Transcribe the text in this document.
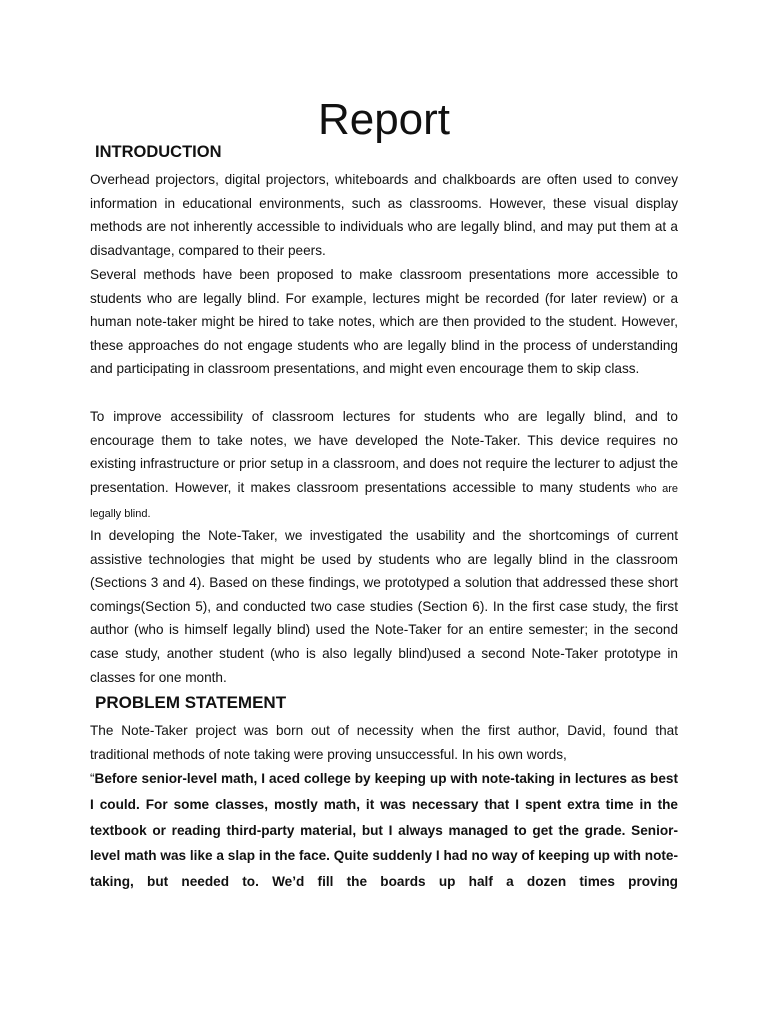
Report
INTRODUCTION

Overhead projectors, digital projectors, whiteboards and chalkboards are often used to convey information in educational environments, such as classrooms. However, these visual display methods are not inherently accessible to individuals who are legally blind, and may put them at a disadvantage, compared to their peers.

Several methods have been proposed to make classroom presentations more accessible to students who are legally blind. For example, lectures might be recorded (for later review) or a human note-taker might be hired to take notes, which are then provided to the student. However, these approaches do not engage students who are legally blind in the process of understanding and participating in classroom presentations, and might even encourage them to skip class.

To improve accessibility of classroom lectures for students who are legally blind, and to encourage them to take notes, we have developed the Note-Taker. This device requires no existing infrastructure or prior setup in a classroom, and does not require the lecturer to adjust the presentation. However, it makes classroom presentations accessible to many students who are legally blind.

In developing the Note-Taker, we investigated the usability and the shortcomings of current assistive technologies that might be used by students who are legally blind in the classroom (Sections 3 and 4). Based on these findings, we prototyped a solution that addressed these short comings(Section 5), and conducted two case studies (Section 6). In the first case study, the first author (who is himself legally blind) used the Note-Taker for an entire semester; in the second case study, another student (who is also legally blind)used a second Note-Taker prototype in classes for one month.

PROBLEM STATEMENT

The Note-Taker project was born out of necessity when the first author, David, found that traditional methods of note taking were proving unsuccessful. In his own words,

“Before senior-level math, I aced college by keeping up with note-taking in lectures as best I could. For some classes, mostly math, it was necessary that I spent extra time in the textbook or reading third-party material, but I always managed to get the grade. Senior-level math was like a slap in the face. Quite suddenly I had no way of keeping up with note-taking, but needed to. We’d fill the boards up half a dozen times proving
